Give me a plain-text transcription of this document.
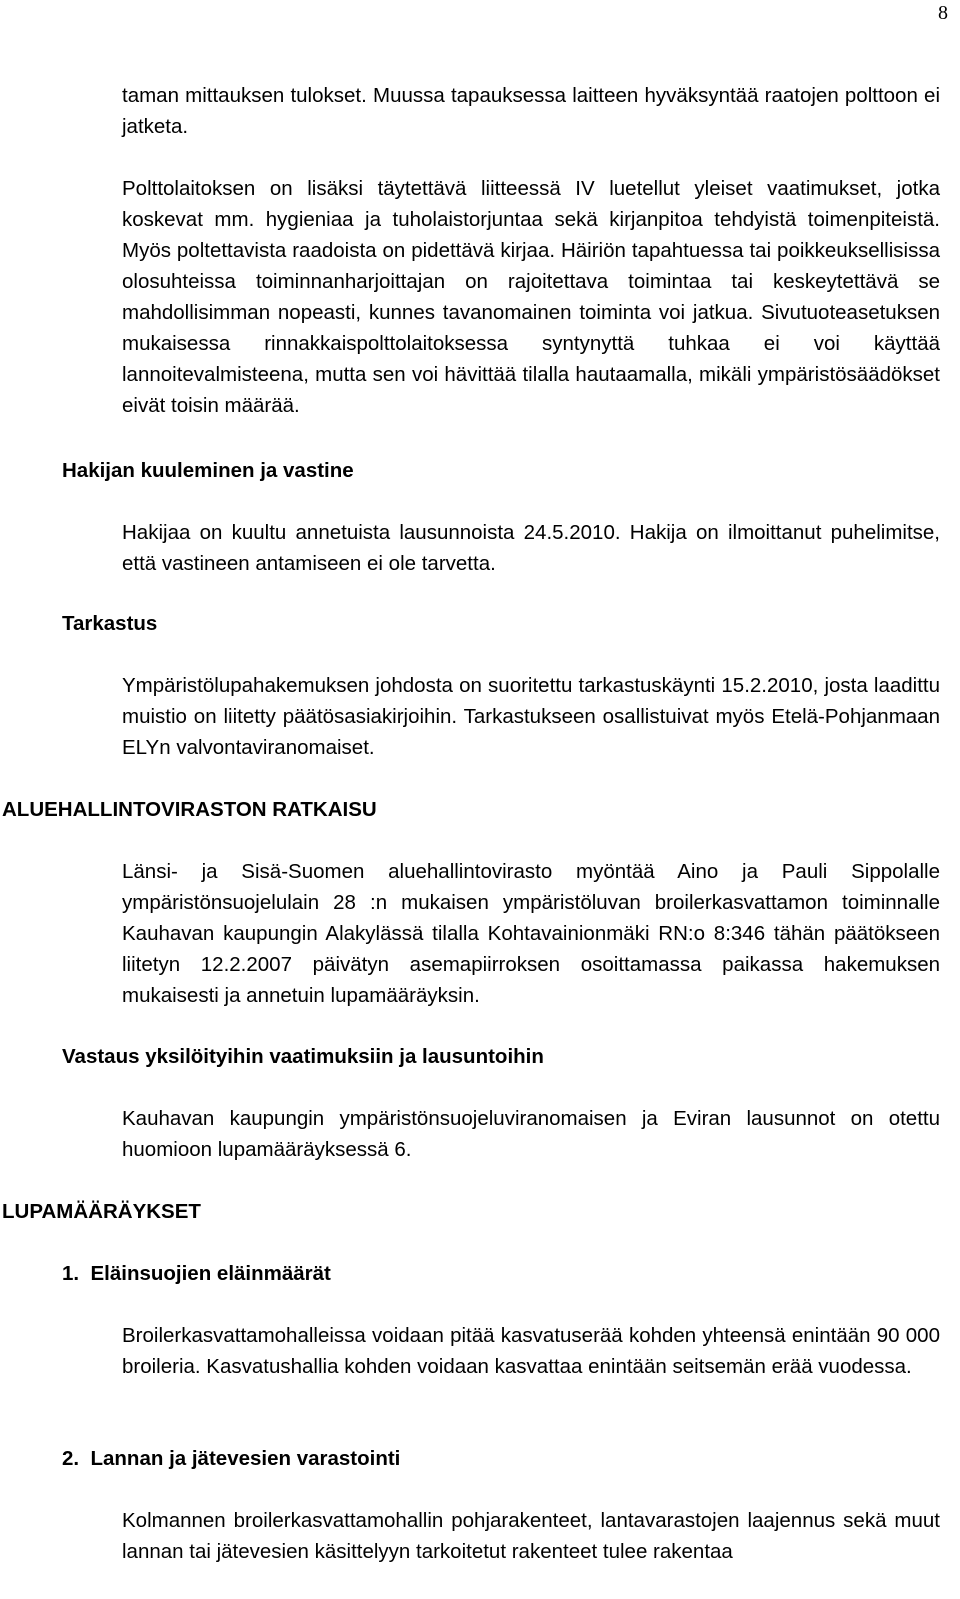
8

taman mittauksen tulokset. Muussa tapauksessa laitteen hyväksyntää raatojen polttoon ei jatketa.

Polttolaitoksen on lisäksi täytettävä liitteessä IV luetellut yleiset vaatimukset, jotka koskevat mm. hygieniaa ja tuholaistorjuntaa sekä kirjanpitoa tehdyistä toimenpiteistä. Myös poltettavista raadoista on pidettävä kirjaa. Häiriön tapahtuessa tai poikkeuksellisissa olosuhteissa toiminnanharjoittajan on rajoitettava toimintaa tai keskeytettävä se mahdollisimman nopeasti, kunnes tavanomainen toiminta voi jatkua. Sivutuoteasetuksen mukaisessa rinnakkaispolttolaitoksessa syntynyttä tuhkaa ei voi käyttää lannoitevalmisteena, mutta sen voi hävittää tilalla hautaamalla, mikäli ympäristösäädökset eivät toisin määrää.

Hakijan kuuleminen ja vastine

Hakijaa on kuultu annetuista lausunnoista 24.5.2010. Hakija on ilmoittanut puhelimitse, että vastineen antamiseen ei ole tarvetta.

Tarkastus

Ympäristölupahakemuksen johdosta on suoritettu tarkastuskäynti 15.2.2010, josta laadittu muistio on liitetty päätösasiakirjoihin. Tarkastukseen osallistuivat myös Etelä-Pohjanmaan ELYn valvontaviranomaiset.

ALUEHALLINTOVIRASTON RATKAISU

Länsi- ja Sisä-Suomen aluehallintovirasto myöntää Aino ja Pauli Sippolalle ympäristönsuojelulain 28 :n mukaisen ympäristöluvan broilerkasvattamon toiminnalle Kauhavan kaupungin Alakylässä tilalla Kohtavainionmäki RN:o 8:346 tähän päätökseen liitetyn 12.2.2007 päivätyn asemapiirroksen osoittamassa paikassa hakemuksen mukaisesti ja annetuin lupamääräyksin.

Vastaus yksilöityihin vaatimuksiin ja lausuntoihin

Kauhavan kaupungin ympäristönsuojeluviranomaisen ja Eviran lausunnot on otettu huomioon lupamääräyksessä 6.

LUPAMÄÄRÄYKSET
1.  Eläinsuojien eläinmäärät

Broilerkasvattamohalleissa voidaan pitää kasvatuserää kohden yhteensä enintään 90 000 broileria. Kasvatushallia kohden voidaan kasvattaa enintään seitsemän erää vuodessa.

2.  Lannan ja jätevesien varastointi

Kolmannen broilerkasvattamohallin pohjarakenteet, lantavarastojen laajennus sekä muut lannan tai jätevesien käsittelyyn tarkoitetut rakenteet tulee rakentaa
